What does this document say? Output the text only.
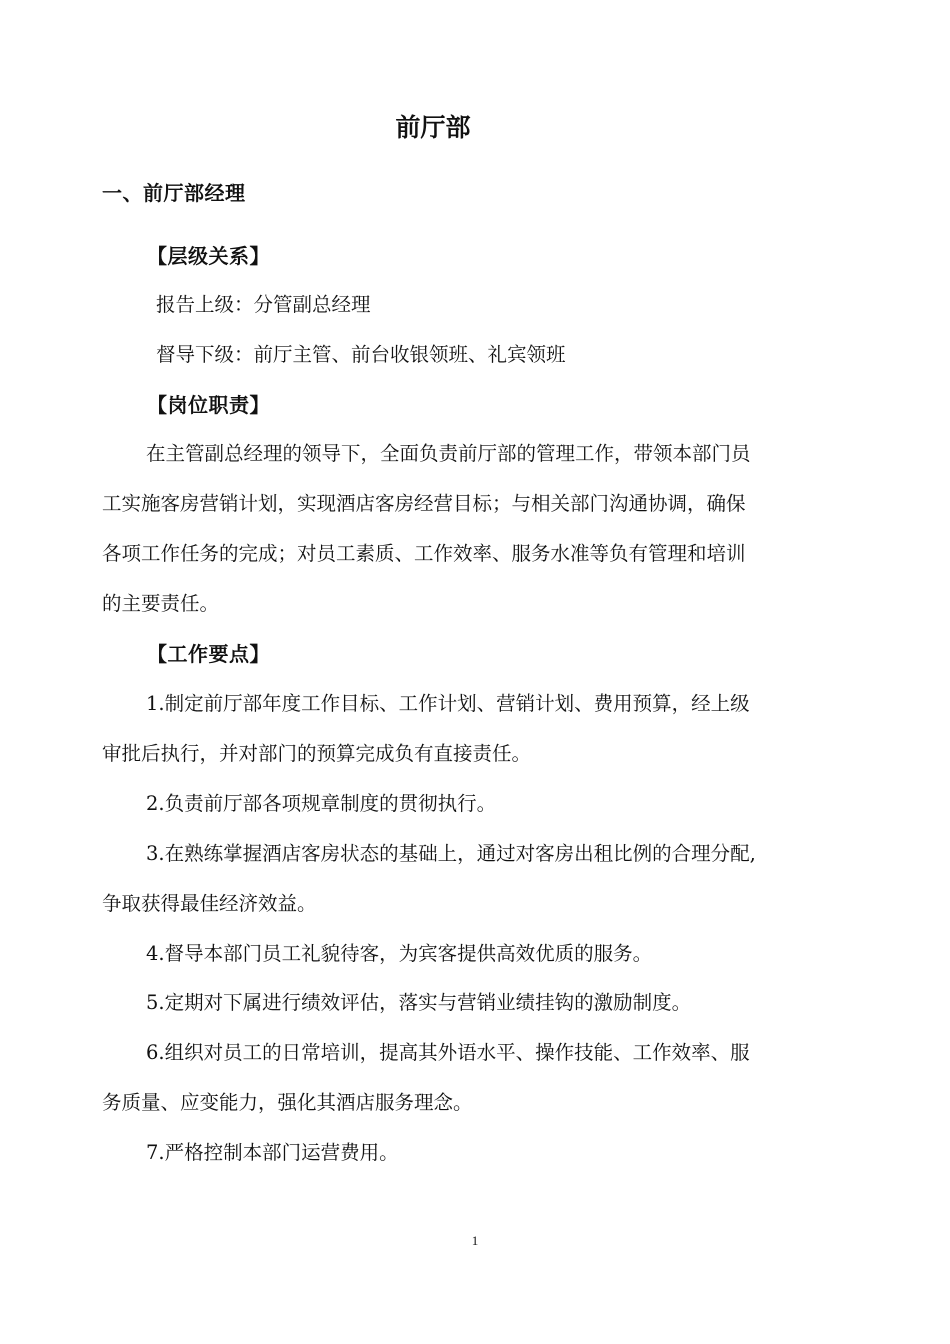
前厅部
一、前厅部经理
【层级关系】
报告上级：分管副总经理
督导下级：前厅主管、前台收银领班、礼宾领班
【岗位职责】
在主管副总经理的领导下，全面负责前厅部的管理工作，带领本部门员
工实施客房营销计划，实现酒店客房经营目标；与相关部门沟通协调，确保
各项工作任务的完成；对员工素质、工作效率、服务水准等负有管理和培训
的主要责任。
【工作要点】
1.制定前厅部年度工作目标、工作计划、营销计划、费用预算，经上级
审批后执行，并对部门的预算完成负有直接责任。
2.负责前厅部各项规章制度的贯彻执行。
3.在熟练掌握酒店客房状态的基础上，通过对客房出租比例的合理分配,
争取获得最佳经济效益。
4.督导本部门员工礼貌待客，为宾客提供高效优质的服务。
5.定期对下属进行绩效评估，落实与营销业绩挂钩的激励制度。
6.组织对员工的日常培训，提高其外语水平、操作技能、工作效率、服
务质量、应变能力，强化其酒店服务理念。
7.严格控制本部门运营费用。
1
